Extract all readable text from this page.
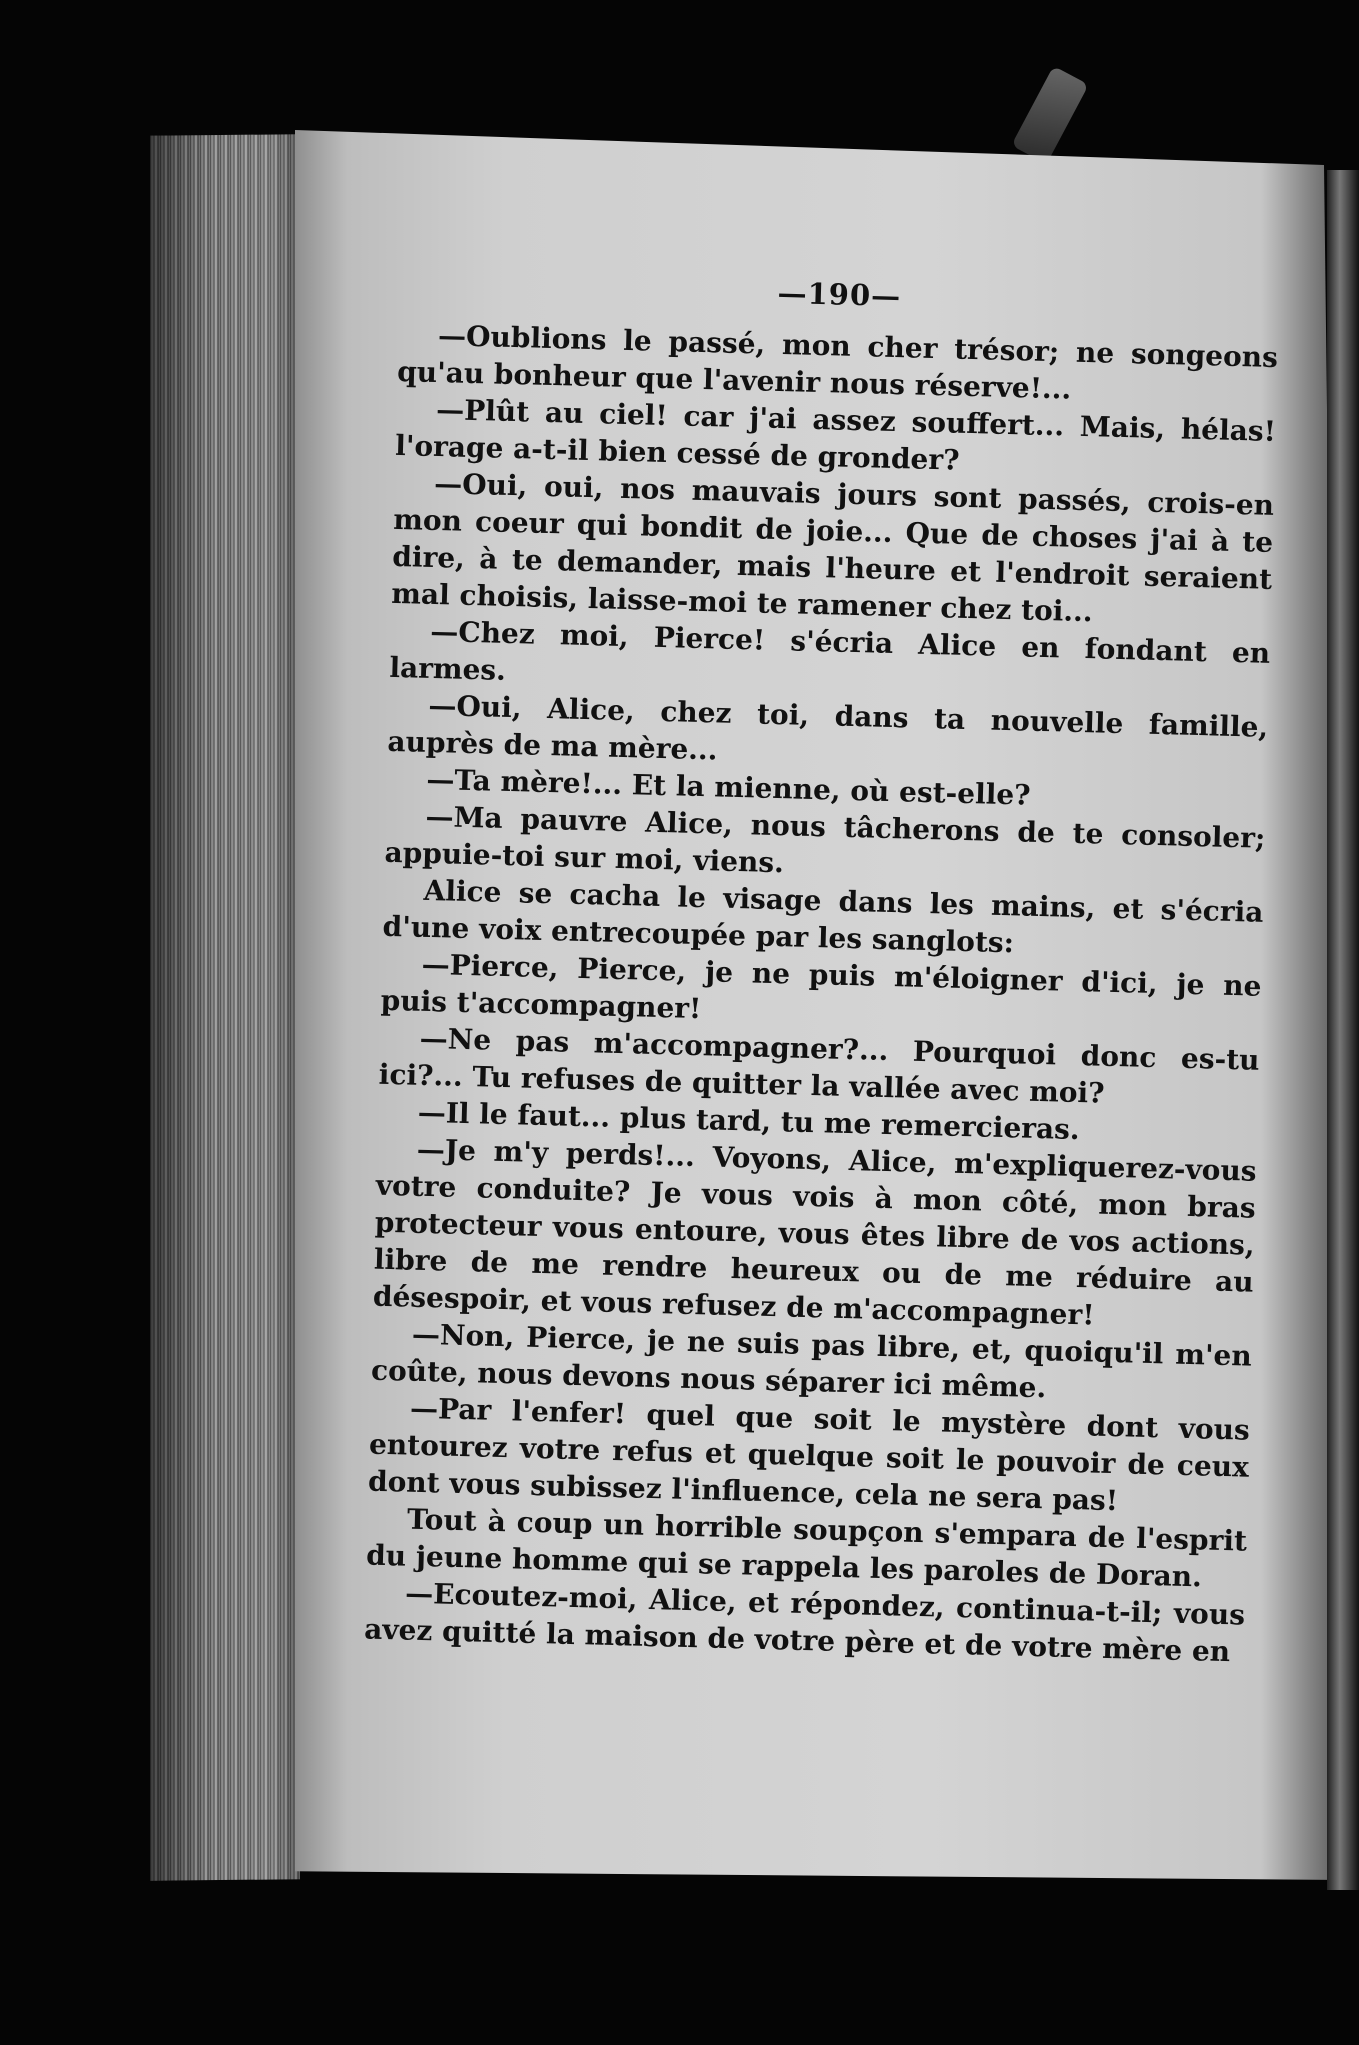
—190—

—Oublions le passé, mon cher trésor; ne songeons qu'au bonheur que l'avenir nous réserve!...

—Plût au ciel! car j'ai assez souffert... Mais, hélas! l'orage a-t-il bien cessé de gronder?

—Oui, oui, nos mauvais jours sont passés, crois-en mon coeur qui bondit de joie... Que de choses j'ai à te dire, à te demander, mais l'heure et l'endroit seraient mal choisis, laisse-moi te ramener chez toi...

—Chez moi, Pierce! s'écria Alice en fondant en larmes.

—Oui, Alice, chez toi, dans ta nouvelle famille, auprès de ma mère...

—Ta mère!... Et la mienne, où est-elle?

—Ma pauvre Alice, nous tâcherons de te consoler; appuie-toi sur moi, viens.

Alice se cacha le visage dans les mains, et s'écria d'une voix entrecoupée par les sanglots:

—Pierce, Pierce, je ne puis m'éloigner d'ici, je ne puis t'accompagner!

—Ne pas m'accompagner?... Pourquoi donc es-tu ici?... Tu refuses de quitter la vallée avec moi?

—Il le faut... plus tard, tu me remercieras.

—Je m'y perds!... Voyons, Alice, m'expliquerez-vous votre conduite? Je vous vois à mon côté, mon bras protecteur vous entoure, vous êtes libre de vos actions, libre de me rendre heureux ou de me réduire au désespoir, et vous refusez de m'accompagner!

—Non, Pierce, je ne suis pas libre, et, quoiqu'il m'en coûte, nous devons nous séparer ici même.

—Par l'enfer! quel que soit le mystère dont vous entourez votre refus et quelque soit le pouvoir de ceux dont vous subissez l'influence, cela ne sera pas!

Tout à coup un horrible soupçon s'empara de l'esprit du jeune homme qui se rappela les paroles de Doran.

—Ecoutez-moi, Alice, et répondez, continua-t-il; vous avez quitté la maison de votre père et de votre mère en
